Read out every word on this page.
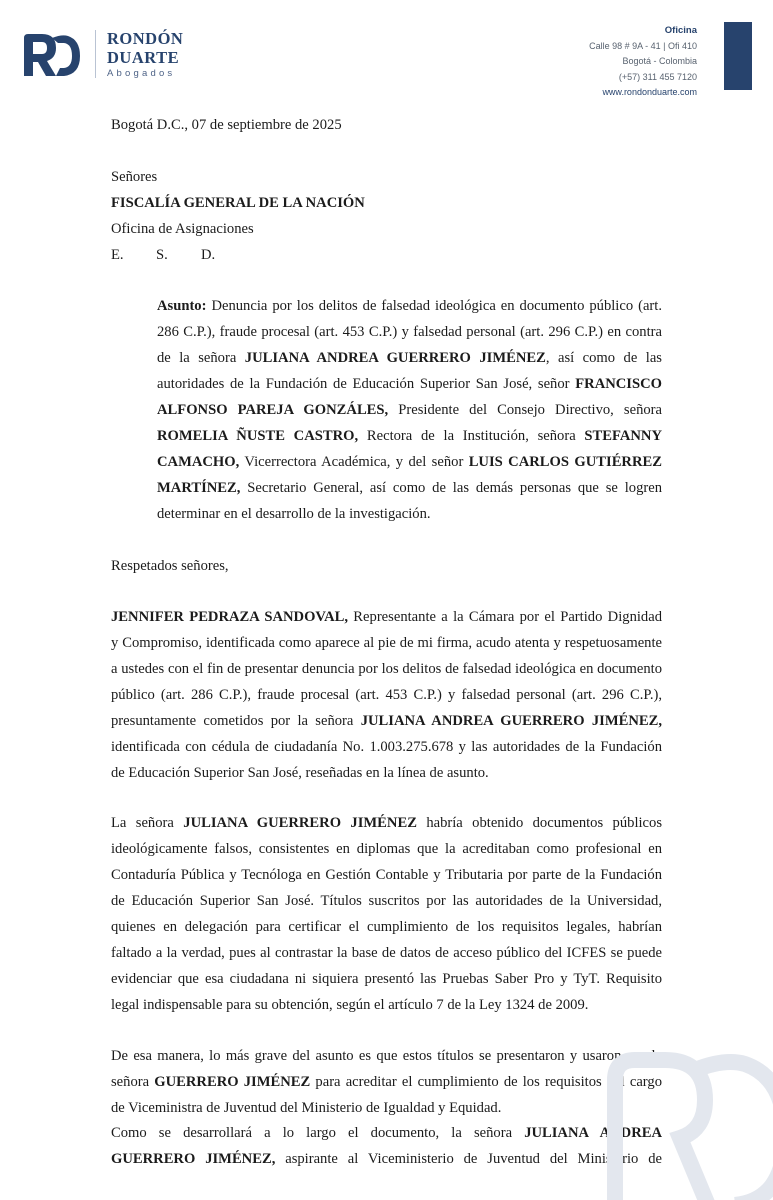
RONDÓN
DUARTE
Abogados
Oficina
Calle 98 # 9A - 41 | Ofi 410
Bogotá - Colombia
(+57) 311 455 7120
www.rondonduarte.com
Bogotá D.C., 07 de septiembre de 2025
Señores
FISCALÍA GENERAL DE LA NACIÓN
Oficina de Asignaciones
E. S. D.
Asunto: Denuncia por los delitos de falsedad ideológica en documento público (art.
286 C.P.), fraude procesal (art. 453 C.P.) y falsedad personal (art. 296 C.P.) en contra
de la señora JULIANA ANDREA GUERRERO JIMÉNEZ, así como de las
autoridades de la Fundación de Educación Superior San José, señor FRANCISCO
ALFONSO PAREJA GONZÁLES, Presidente del Consejo Directivo, señora
ROMELIA ÑUSTE CASTRO, Rectora de la Institución, señora STEFANNY
CAMACHO, Vicerrectora Académica, y del señor LUIS CARLOS GUTIÉRREZ
MARTÍNEZ, Secretario General, así como de las demás personas que se logren
determinar en el desarrollo de la investigación.
Respetados señores,
JENNIFER PEDRAZA SANDOVAL, Representante a la Cámara por el Partido Dignidad
y Compromiso, identificada como aparece al pie de mi firma, acudo atenta y respetuosamente
a ustedes con el fin de presentar denuncia por los delitos de falsedad ideológica en documento
público (art. 286 C.P.), fraude procesal (art. 453 C.P.) y falsedad personal (art. 296 C.P.),
presuntamente cometidos por la señora JULIANA ANDREA GUERRERO JIMÉNEZ,
identificada con cédula de ciudadanía No. 1.003.275.678 y las autoridades de la Fundación
de Educación Superior San José, reseñadas en la línea de asunto.
La señora JULIANA GUERRERO JIMÉNEZ habría obtenido documentos públicos
ideológicamente falsos, consistentes en diplomas que la acreditaban como profesional en
Contaduría Pública y Tecnóloga en Gestión Contable y Tributaria por parte de la Fundación
de Educación Superior San José. Títulos suscritos por las autoridades de la Universidad,
quienes en delegación para certificar el cumplimiento de los requisitos legales, habrían
faltado a la verdad, pues al contrastar la base de datos de acceso público del ICFES se puede
evidenciar que esa ciudadana ni siquiera presentó las Pruebas Saber Pro y TyT. Requisito
legal indispensable para su obtención, según el artículo 7 de la Ley 1324 de 2009.
De esa manera, lo más grave del asunto es que estos títulos se presentaron y usaron por la
señora GUERRERO JIMÉNEZ para acreditar el cumplimiento de los requisitos del cargo
de Viceministra de Juventud del Ministerio de Igualdad y Equidad.
Como se desarrollará a lo largo el documento, la señora JULIANA ANDREA
GUERRERO JIMÉNEZ, aspirante al Viceministerio de Juventud del Ministerio de
